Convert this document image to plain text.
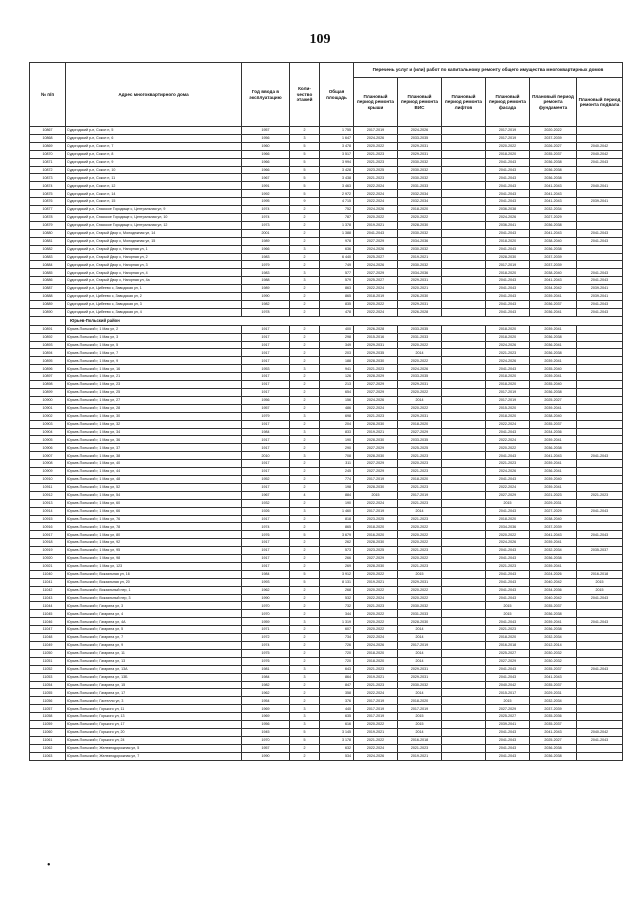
109
№ п/п	Адрес многоквартирного дома	Год ввода в эксплуатацию	Коли-чество этажей	Общая площадь	Перечень услуг и (или) работ по капитальному ремонту общего имущества многоквартирных домов					
					Плановый период ремонта крыши	Плановый период ремонта ВИС	Плановый период ремонта лифтов	Плановый период ремонта фасада	Плановый период ремонта фундамента	Плановый период ремонта подвала
10867	Судогодский р-н, Сокол п, 5	1957	2	1 755	2017-2019	2024-2026		2017-2019	2020-2022	
10868	Судогодский р-н, Сокол п, 6	1956	3	1 647	2024-2026	2033-2035		2017-2019	2037-2039	
10869	Судогодский р-н, Сокол п, 7	1960	5	3 478	2020-2022	2029-2031		2020-2022	2026-2027	2040-2042
10870	Судогодский р-н, Сокол п, 8	1966	5	3 517	2021-2023	2029-2031		2018-2020	2035-2037	2040-2042
10871	Судогодский р-н, Сокол п, 9	1966	5	3 994	2021-2023	2030-2032		2041-2043	2036-2038	2041-2043
10872	Судогодский р-н, Сокол п, 10	1966	5	3 428	2023-2025	2030-2032		2041-2043	2036-2038	
10873	Судогодский р-н, Сокол п, 11	1967	5	3 438	2021-2023	2030-2032		2041-2043	2036-2038	
10874	Судогодский р-н, Сокол п, 12	1991	5	3 463	2022-2024	2031-2033		2041-2043	2041-2043	2040-2041
10875	Судогодский р-н, Сокол п, 14	1992	5	2 972	2022-2024	2032-2034		2041-2043	2041-2043	
10876	Судогодский р-н, Сокол п, 15	1995	9	4 715	2022-2024	2032-2034		2041-2043	2041-2043	2039-2041
10877	Судогодский р-н, Спасское Городище с, Центральная ул, 9	1974	2	752	2024-2026	2018-2020		2036-2038	2032-2034	
10878	Судогодский р-н, Спасское Городище с, Центральная ул, 10	1974	2	787	2020-2022	2020-2022		2024-2026	2027-2029	
10879	Судогодский р-н, Спасское Городище с, Центральная ул, 12	1973	2	1 378	2019-2021	2028-2030		2036-2041	2036-2038	
10880	Судогодский р-н, Старый Двор с, Молодежная ул, 14	2001	2	1 388	2041-2043	2030-2032		2041-2043	2041-2043	2041-2043
10881	Судогодский р-н, Старый Двор с, Молодежная ул, 15	1989	2	978	2027-2029	2034-2036		2018-2020	2038-2040	2041-2043
10882	Судогодский р-н, Старый Двор с, Нагорная ул, 1	1966	3	636	2024-2026	2030-2032		2041-2043	2036-2038	
10883	Судогодский р-н, Старый Двор с, Нагорная ул, 2	1983	2	6 440	2025-2027	2019-2021		2028-2030	2037-2039	
10884	Судогодский р-н, Старый Двор с, Нагорная ул, 3	1979	2	749	2024-2026	2030-2032		2017-2019	2037-2039	
10885	Судогодский р-н, Старый Двор с, Нагорная ул, 4	1983	3	577	2027-2029	2034-2036		2018-2020	2038-2040	2041-2043
10886	Судогодский р-н, Старый Двор с, Нагорная ул, 4а	1988	3	579	2025-2027	2029-2031		2041-2043	2041-2043	2041-2043
10887	Судогодский р-н, Цибеево с, Заводская ул, 1	1989	2	863	2022-2024	2020-2021		2041-2043	2034-2042	2039-2041
10888	Судогодский р-н, Цибеево с, Заводская ул, 2	1990	2	865	2018-2019	2026-2030		2041-2043	2039-2041	2039-2041
10889	Судогодский р-н, Цибеево с, Заводская ул, 3	1982	2	835	2020-2022	2029-2031		2041-2043	2036-2037	2041-2043
10890	Судогодский р-н, Цибеево с, Заводская ул, 4	1978	2	478	2022-2024	2026-2028		2041-2043	2036-2041	2041-2043
	Юрьев-Польский район									
10891	Юрьев-Польский г, 1 Мая ул, 2	1917	2	400	2026-2028	2033-2035		2018-2020	2039-2041	
10892	Юрьев-Польский г, 1 Мая ул, 3	1917	2	298	2015-2016	2031-2033		2018-2020	2036-2038	
10893	Юрьев-Польский г, 1 Мая ул, 5	1917	2	349	2029-2031	2020-2022		2024-2026	2036-2041	
10894	Юрьев-Польский г, 1 Мая ул, 7	1917	2	203	2029-2035	2014		2021-2023	2036-2038	
10895	Юрьев-Польский г, 1 Мая ул, 9	1917	2	188	2028-2030	2020-2022		2024-2026	2039-2041	
10896	Юрьев-Польский г, 1 Мая ул, 16	1953	3	941	2021-2023	2024-2026		2041-2043	2035-2040	
10897	Юрьев-Польский г, 1 Мая ул, 21	1917	2	126	2028-2029	2033-2035		2018-2020	2039-2041	
10898	Юрьев-Польский г, 1 Мая ул, 23	1917	2	213	2027-2029	2029-2031		2018-2020	2035-2040	
10899	Юрьев-Польский г, 1 Мая ул, 25	1917	2	654	2027-2029	2020-2022		2017-2019	2036-2038	
10900	Юрьев-Польский г, 1 Мая ул, 27	1956	2	156	2024-2026	2014		2017-2019	2025-2027	
10901	Юрьев-Польский г, 1 Мая ул, 28	1957	2	486	2022-2024	2020-2022		2015-2020	2039-2041	
10902	Юрьев-Польский г, 1 Мая ул, 30	1979	3	698	2021-2023	2029-2031		2018-2020	2038-2040	
10903	Юрьев-Польский г, 1 Мая ул, 32	1917	2	204	2028-2030	2018-2020		2022-2024	2035-2037	
10904	Юрьев-Польский г, 1 Мая ул, 34	1984	3	833	2019-2021	2027-2029		2041-2043	2034-2036	
10905	Юрьев-Польский г, 1 Мая ул, 36	1917	2	190	2028-2030	2033-2035		2022-2024	2039-2041	
10906	Юрьев-Польский г, 1 Мая ул, 37	1917	2	290	2027-2029	2025-2025		2020-2022	2036-2038	
10907	Юрьев-Польский г, 1 Мая ул, 38	2010	3	708	2028-2030	2021-2023		2041-2043	2041-2043	2041-2043
10908	Юрьев-Польский г, 1 Мая ул, 40	1917	2	311	2027-2029	2020-2023		2021-2023	2039-2041	
10909	Юрьев-Польский г, 1 Мая ул, 44	1917	2	245	2027-2029	2021-2023		2024-2026	2036-2041	
10910	Юрьев-Польский г, 1 Мая ул, 48	1952	2	774	2017-2019	2018-2020		2041-2043	2039-2040	
10911	Юрьев-Польский г, 1 Мая ул, 52	1917	2	198	2028-2030	2021-2023		2022-2024	2039-2041	
10912	Юрьев-Польский г, 1 Мая ул, 54	1967	4	884	2015	2017-2019		2027-2029	2021-2023	2021-2023
10913	Юрьев-Польский г, 1 Мая ул, 60	1932	2	190	2022-2024	2021-2023		2015	2029-2031	
10914	Юрьев-Польский г, 1 Мая ул, 66	1926	3	1 460	2017-2019	2014		2041-2043	2027-2029	2041-2043
10915	Юрьев-Польский г, 1 Мая ул, 76	1917	2	818	2023-2025	2021-2023		2018-2020	2038-2040	
10916	Юрьев-Польский г, 1 Мая ул, 78	1974	2	865	2018-2020	2020-2022		2034-2036	2037-2039	
10917	Юрьев-Польский г, 1 Мая ул, 80	1976	5	3 679	2016-2020	2020-2022		2020-2022	2041-2043	2041-2043
10918	Юрьев-Польский г, 1 Мая ул, 92	1917	2	262	2028-2030	2020-2022		2024-2026	2039-2041	
10919	Юрьев-Польский г, 1 Мая ул, 95	1917	2	573	2023-2025	2021-2023		2041-2043	2032-2034	2035-2037
10920	Юрьев-Польский г, 1 Мая ул, 98	1917	2	266	2027-2029	2020-2022		2041-2043	2036-2038	
10921	Юрьев-Польский г, 1 Мая ул, 123	1917	2	269	2028-2030	2021-2023		2021-2023	2039-2041	
11040	Юрьев-Польский г, Вокзальная ул, 16	1984	5	3 912	2020-2022	2015		2041-2043	2024-2026	2016-2018
11041	Юрьев-Польский г, Вокзальная ул, 20	1993	5	8 131	2019-2021	2029-2031		2041-2043	2040-2042	2015
11042	Юрьев-Польский г, Вокзальный пер, 1	1962	2	268	2020-2022	2020-2022		2041-2043	2034-2036	2015
11043	Юрьев-Польский г, Вокзальный пер, 3	1990	2	532	2022-2024	2020-2022		2041-2043	2040-2042	2041-2043
11044	Юрьев-Польский г, Гагарина ул, 3	1970	2	732	2021-2023	2030-2032		2015	2035-2037	
11045	Юрьев-Польский г, Гагарина ул, 4	1970	2	344	2020-2022	2031-2033		2015	2036-2038	
11046	Юрьев-Польский г, Гагарина ул, 4А	1959	3	1 319	2020-2022	2028-2030		2041-2043	2039-2041	2041-2043
11047	Юрьев-Польский г, Гагарина ул, 5	1971	2	607	2020-2022	2014		2021-2023	2036-2038	
11048	Юрьев-Польский г, Гагарина ул, 7	1972	2	734	2022-2024	2014		2018-2020	2032-2034	
11049	Юрьев-Польский г, Гагарина ул, 9	1974	2	726	2024-2026	2017-2019		2016-2018	2012-2014	
11050	Юрьев-Польский г, Гагарина ул, 11	1975	2	720	2018-2020	2014		2025-2027	2030-2032	
11051	Юрьев-Польский г, Гагарина ул, 13	1976	2	720	2018-2020	2014		2027-2029	2030-2032	
11052	Юрьев-Польский г, Гагарина ул, 13А	1981	3	643	2021-2023	2029-2031		2041-2043	2035-2037	2041-2043
11053	Юрьев-Польский г, Гагарина ул, 13Б	1984	3	864	2019-2021	2029-2031		2041-2043	2041-2043	
11054	Юрьев-Польский г, Гагарина ул, 15	1982	2	847	2021-2023	2030-2032		2040-2042	2035-2037	
11055	Юрьев-Польский г, Гагарина ул, 17	1962	2	358	2022-2024	2014		2015-2017	2029-2031	
11056	Юрьев-Польский г, Гастелло ул, 3	1954	2	376	2017-2019	2018-2020		2015	2032-2034	
11057	Юрьев-Польский г, Горького ул, 11	1969	3	440	2017-2019	2017-2019		2027-2029	2037-2039	
11058	Юрьев-Польский г, Горького ул, 13	1969	3	635	2017-2019	2015		2025-2027	2035-2036	
11059	Юрьев-Польский г, Горького ул, 17	1956	3	616	2020-2022	2015		2039-2041	2035-2037	
11060	Юрьев-Польский г, Горького ул, 20	1945	5	3 145	2019-2021	2014		2041-2043	2041-2043	2040-2042
11061	Юрьев-Польский г, Горького ул, 24	1970	5	3 178	2021-2022	2016-2018		2041-2043	2025-2027	2041-2043
11062	Юрьев-Польский г, Железнодорожная ул, 5	1957	2	632	2022-2024	2021-2023		2041-2043	2036-2038	
11063	Юрьев-Польский г, Железнодорожная ул, 7	1990	2	534	2024-2026	2019-2021		2041-2043	2036-2038	
•
